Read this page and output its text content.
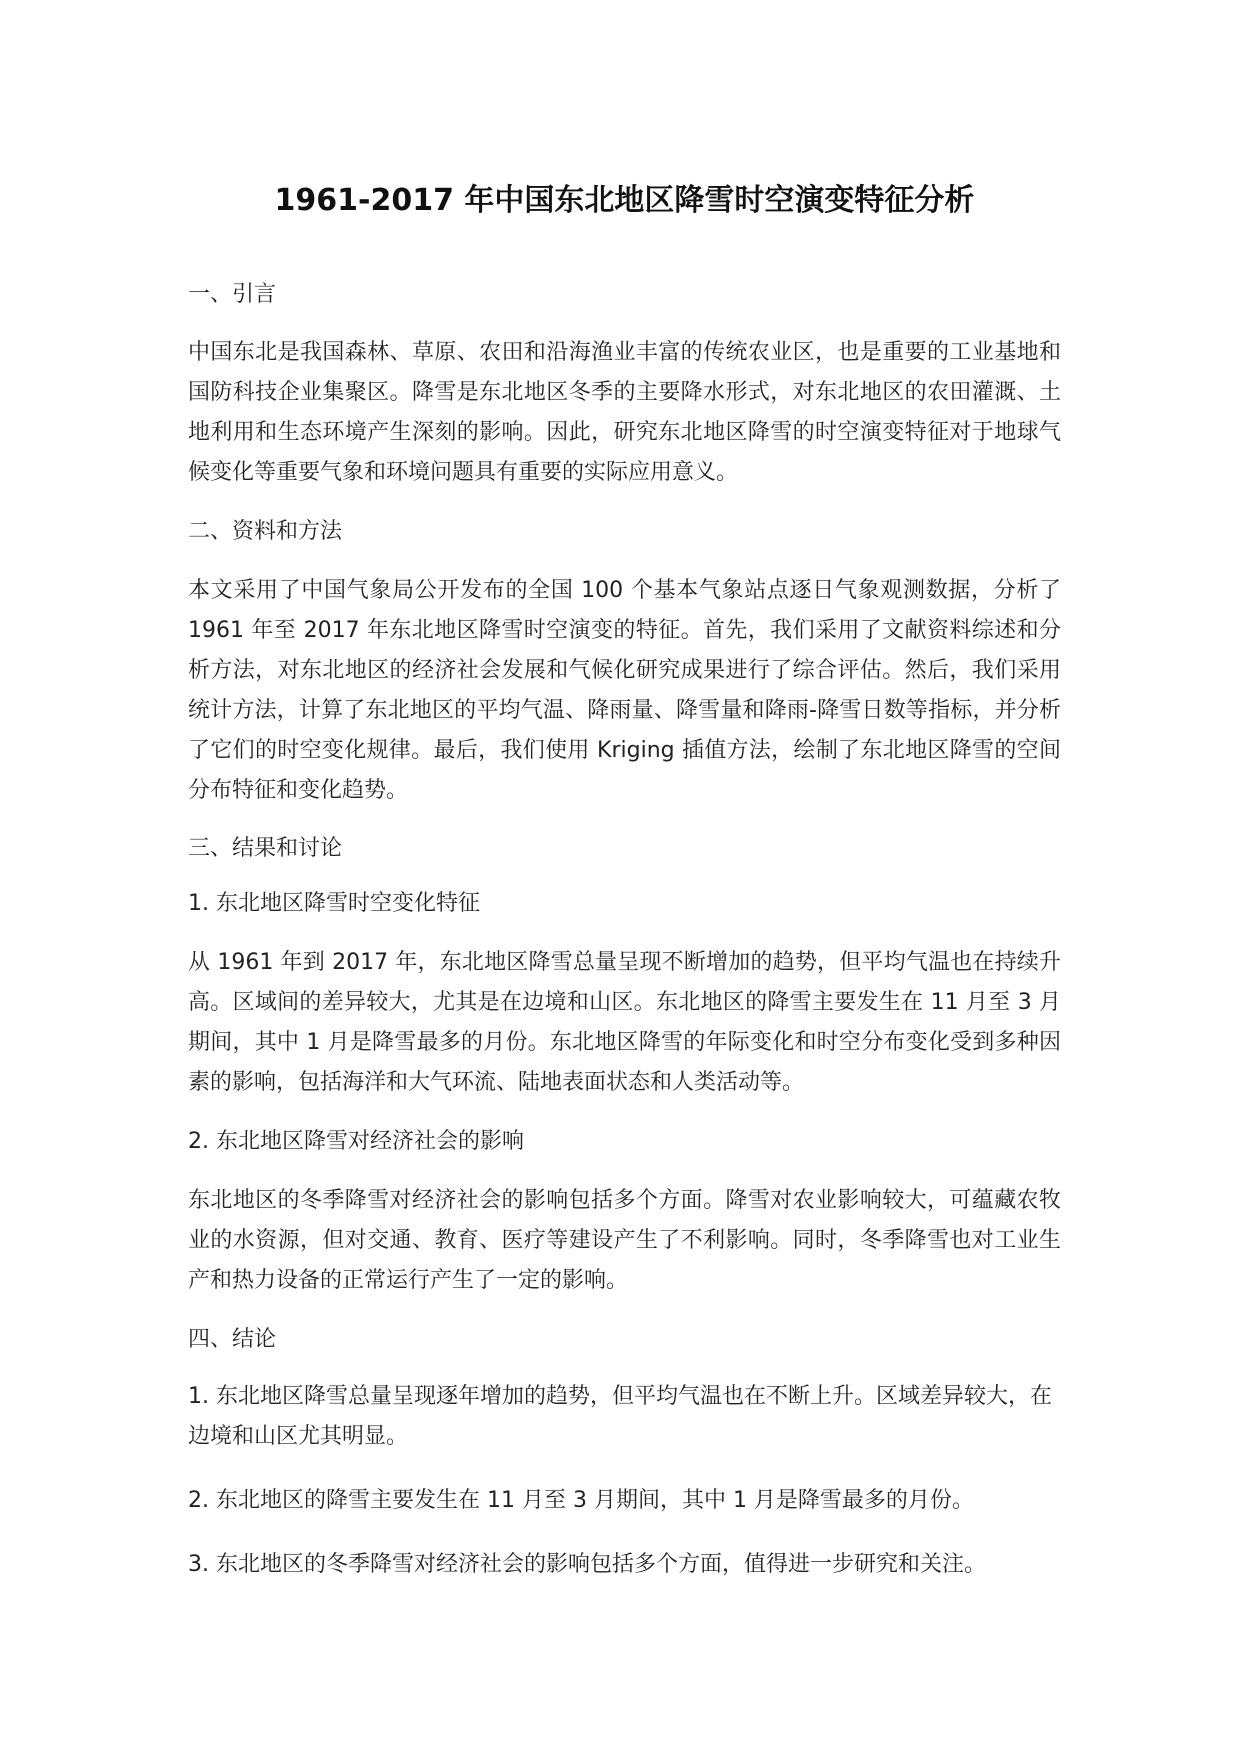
1961-2017 年中国东北地区降雪时空演变特征分析
一、引言

中国东北是我国森林、草原、农田和沿海渔业丰富的传统农业区，也是重要的工业基地和国防科技企业集聚区。降雪是东北地区冬季的主要降水形式，对东北地区的农田灌溉、土地利用和生态环境产生深刻的影响。因此，研究东北地区降雪的时空演变特征对于地球气候变化等重要气象和环境问题具有重要的实际应用意义。

二、资料和方法

本文采用了中国气象局公开发布的全国 100 个基本气象站点逐日气象观测数据，分析了 1961 年至 2017 年东北地区降雪时空演变的特征。首先，我们采用了文献资料综述和分析方法，对东北地区的经济社会发展和气候化研究成果进行了综合评估。然后，我们采用统计方法，计算了东北地区的平均气温、降雨量、降雪量和降雨-降雪日数等指标，并分析了它们的时空变化规律。最后，我们使用 Kriging 插值方法，绘制了东北地区降雪的空间分布特征和变化趋势。

三、结果和讨论
1. 东北地区降雪时空变化特征

从 1961 年到 2017 年，东北地区降雪总量呈现不断增加的趋势，但平均气温也在持续升高。区域间的差异较大，尤其是在边境和山区。东北地区的降雪主要发生在 11 月至 3 月期间，其中 1 月是降雪最多的月份。东北地区降雪的年际变化和时空分布变化受到多种因素的影响，包括海洋和大气环流、陆地表面状态和人类活动等。

2. 东北地区降雪对经济社会的影响

东北地区的冬季降雪对经济社会的影响包括多个方面。降雪对农业影响较大，可蕴藏农牧业的水资源，但对交通、教育、医疗等建设产生了不利影响。同时，冬季降雪也对工业生产和热力设备的正常运行产生了一定的影响。

四、结论

1. 东北地区降雪总量呈现逐年增加的趋势，但平均气温也在不断上升。区域差异较大，在边境和山区尤其明显。

2. 东北地区的降雪主要发生在 11 月至 3 月期间，其中 1 月是降雪最多的月份。

3. 东北地区的冬季降雪对经济社会的影响包括多个方面，值得进一步研究和关注。
